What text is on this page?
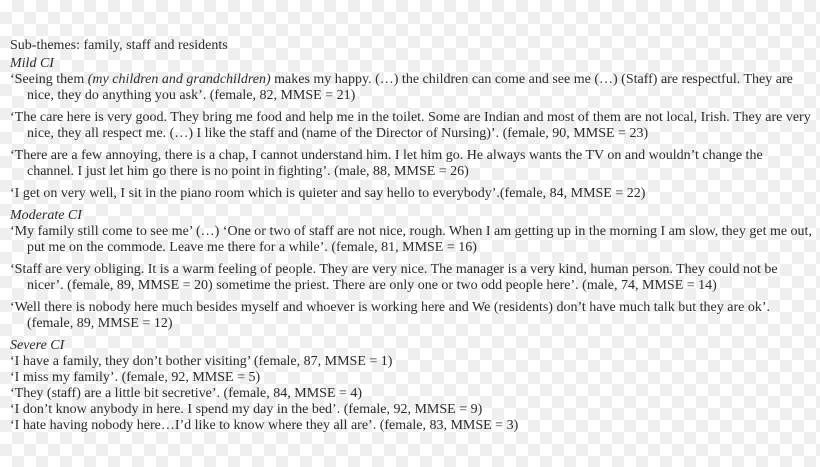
Sub-themes: family, staff and residents

Mild CI

‘Seeing them (my children and grandchildren) makes my happy. (…) the children can come and see me (…) (Staff) are respectful. They are nice, they do anything you ask’. (female, 82, MMSE = 21)

‘The care here is very good. They bring me food and help me in the toilet. Some are Indian and most of them are not local, Irish. They are very nice, they all respect me. (…) I like the staff and (name of the Director of Nursing)’. (female, 90, MMSE = 23)

‘There are a few annoying, there is a chap, I cannot understand him. I let him go. He always wants the TV on and wouldn’t change the channel. I just let him go there is no point in fighting’. (male, 88, MMSE = 26)

‘I get on very well, I sit in the piano room which is quieter and say hello to everybody’.(female, 84, MMSE = 22)

Moderate CI

‘My family still come to see me’ (…) ‘One or two of staff are not nice, rough. When I am getting up in the morning I am slow, they get me out, put me on the commode. Leave me there for a while’. (female, 81, MMSE = 16)

‘Staff are very obliging. It is a warm feeling of people. They are very nice. The manager is a very kind, human person. They could not be nicer’. (female, 89, MMSE = 20) sometime the priest. There are only one or two odd people here’. (male, 74, MMSE = 14)

‘Well there is nobody here much besides myself and whoever is working here and We (residents) don’t have much talk but they are ok’. (female, 89, MMSE = 12)

Severe CI

‘I have a family, they don’t bother visiting’ (female, 87, MMSE = 1)

‘I miss my family’. (female, 92, MMSE = 5)

‘They (staff) are a little bit secretive’. (female, 84, MMSE = 4)

‘I don’t know anybody in here. I spend my day in the bed’. (female, 92, MMSE = 9)

‘I hate having nobody here…I’d like to know where they all are’. (female, 83, MMSE = 3)
